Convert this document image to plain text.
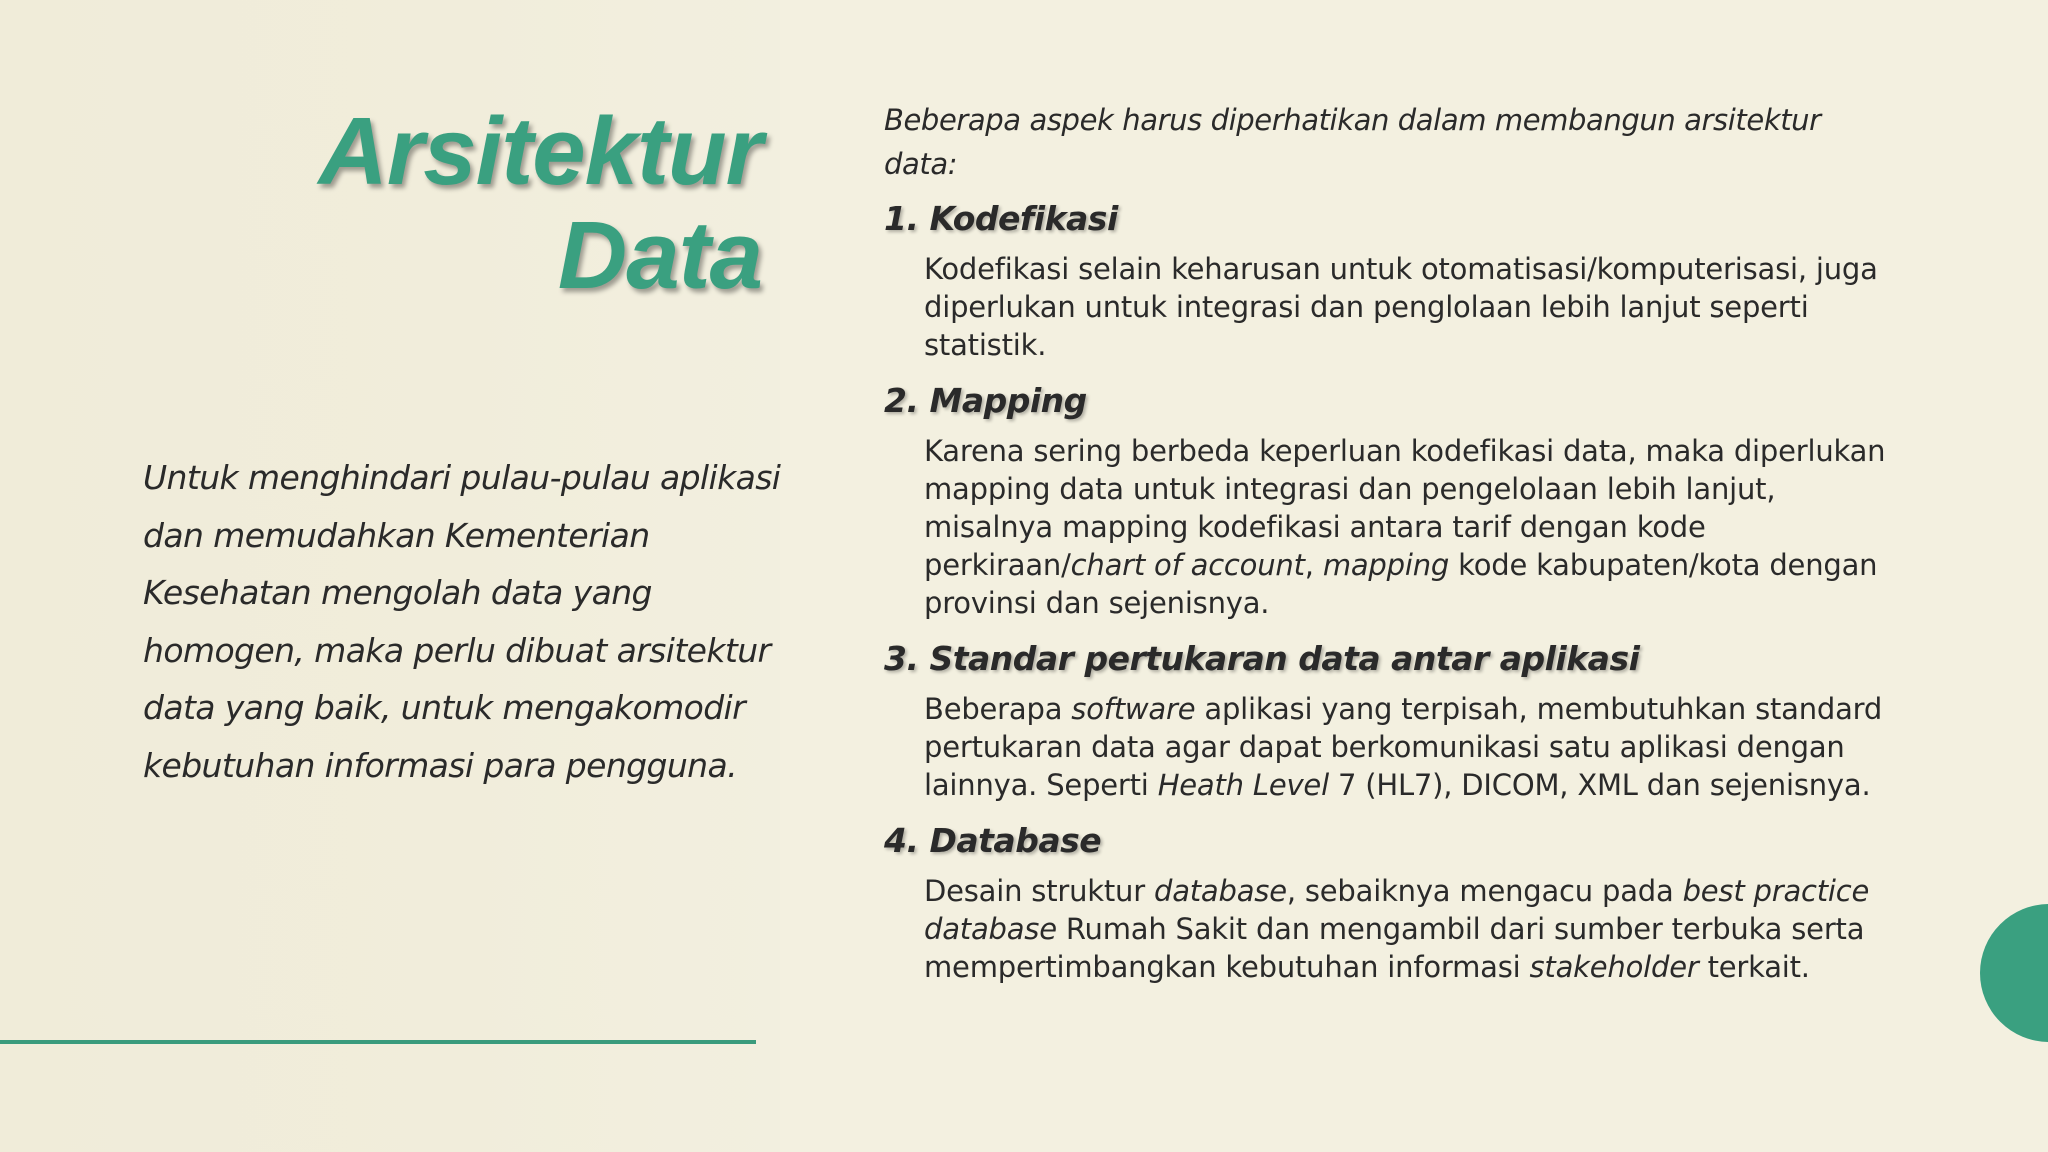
Arsitektur
Data

Untuk menghindari pulau-pulau aplikasi dan memudahkan Kementerian Kesehatan mengolah data yang homogen, maka perlu dibuat arsitektur data yang baik, untuk mengakomodir kebutuhan informasi para pengguna.

Beberapa aspek harus diperhatikan dalam membangun arsitektur data:

1. Kodefikasi

Kodefikasi selain keharusan untuk otomatisasi/komputerisasi, juga diperlukan untuk integrasi dan penglolaan lebih lanjut seperti statistik.

2. Mapping

Karena sering berbeda keperluan kodefikasi data, maka diperlukan mapping data untuk integrasi dan pengelolaan lebih lanjut, misalnya mapping kodefikasi antara tarif dengan kode perkiraan/chart of account, mapping kode kabupaten/kota dengan provinsi dan sejenisnya.

3. Standar pertukaran data antar aplikasi

Beberapa software aplikasi yang terpisah, membutuhkan standard pertukaran data agar dapat berkomunikasi satu aplikasi dengan lainnya. Seperti Heath Level 7 (HL7), DICOM, XML dan sejenisnya.

4. Database

Desain struktur database, sebaiknya mengacu pada best practice database Rumah Sakit dan mengambil dari sumber terbuka serta mempertimbangkan kebutuhan informasi stakeholder terkait.
